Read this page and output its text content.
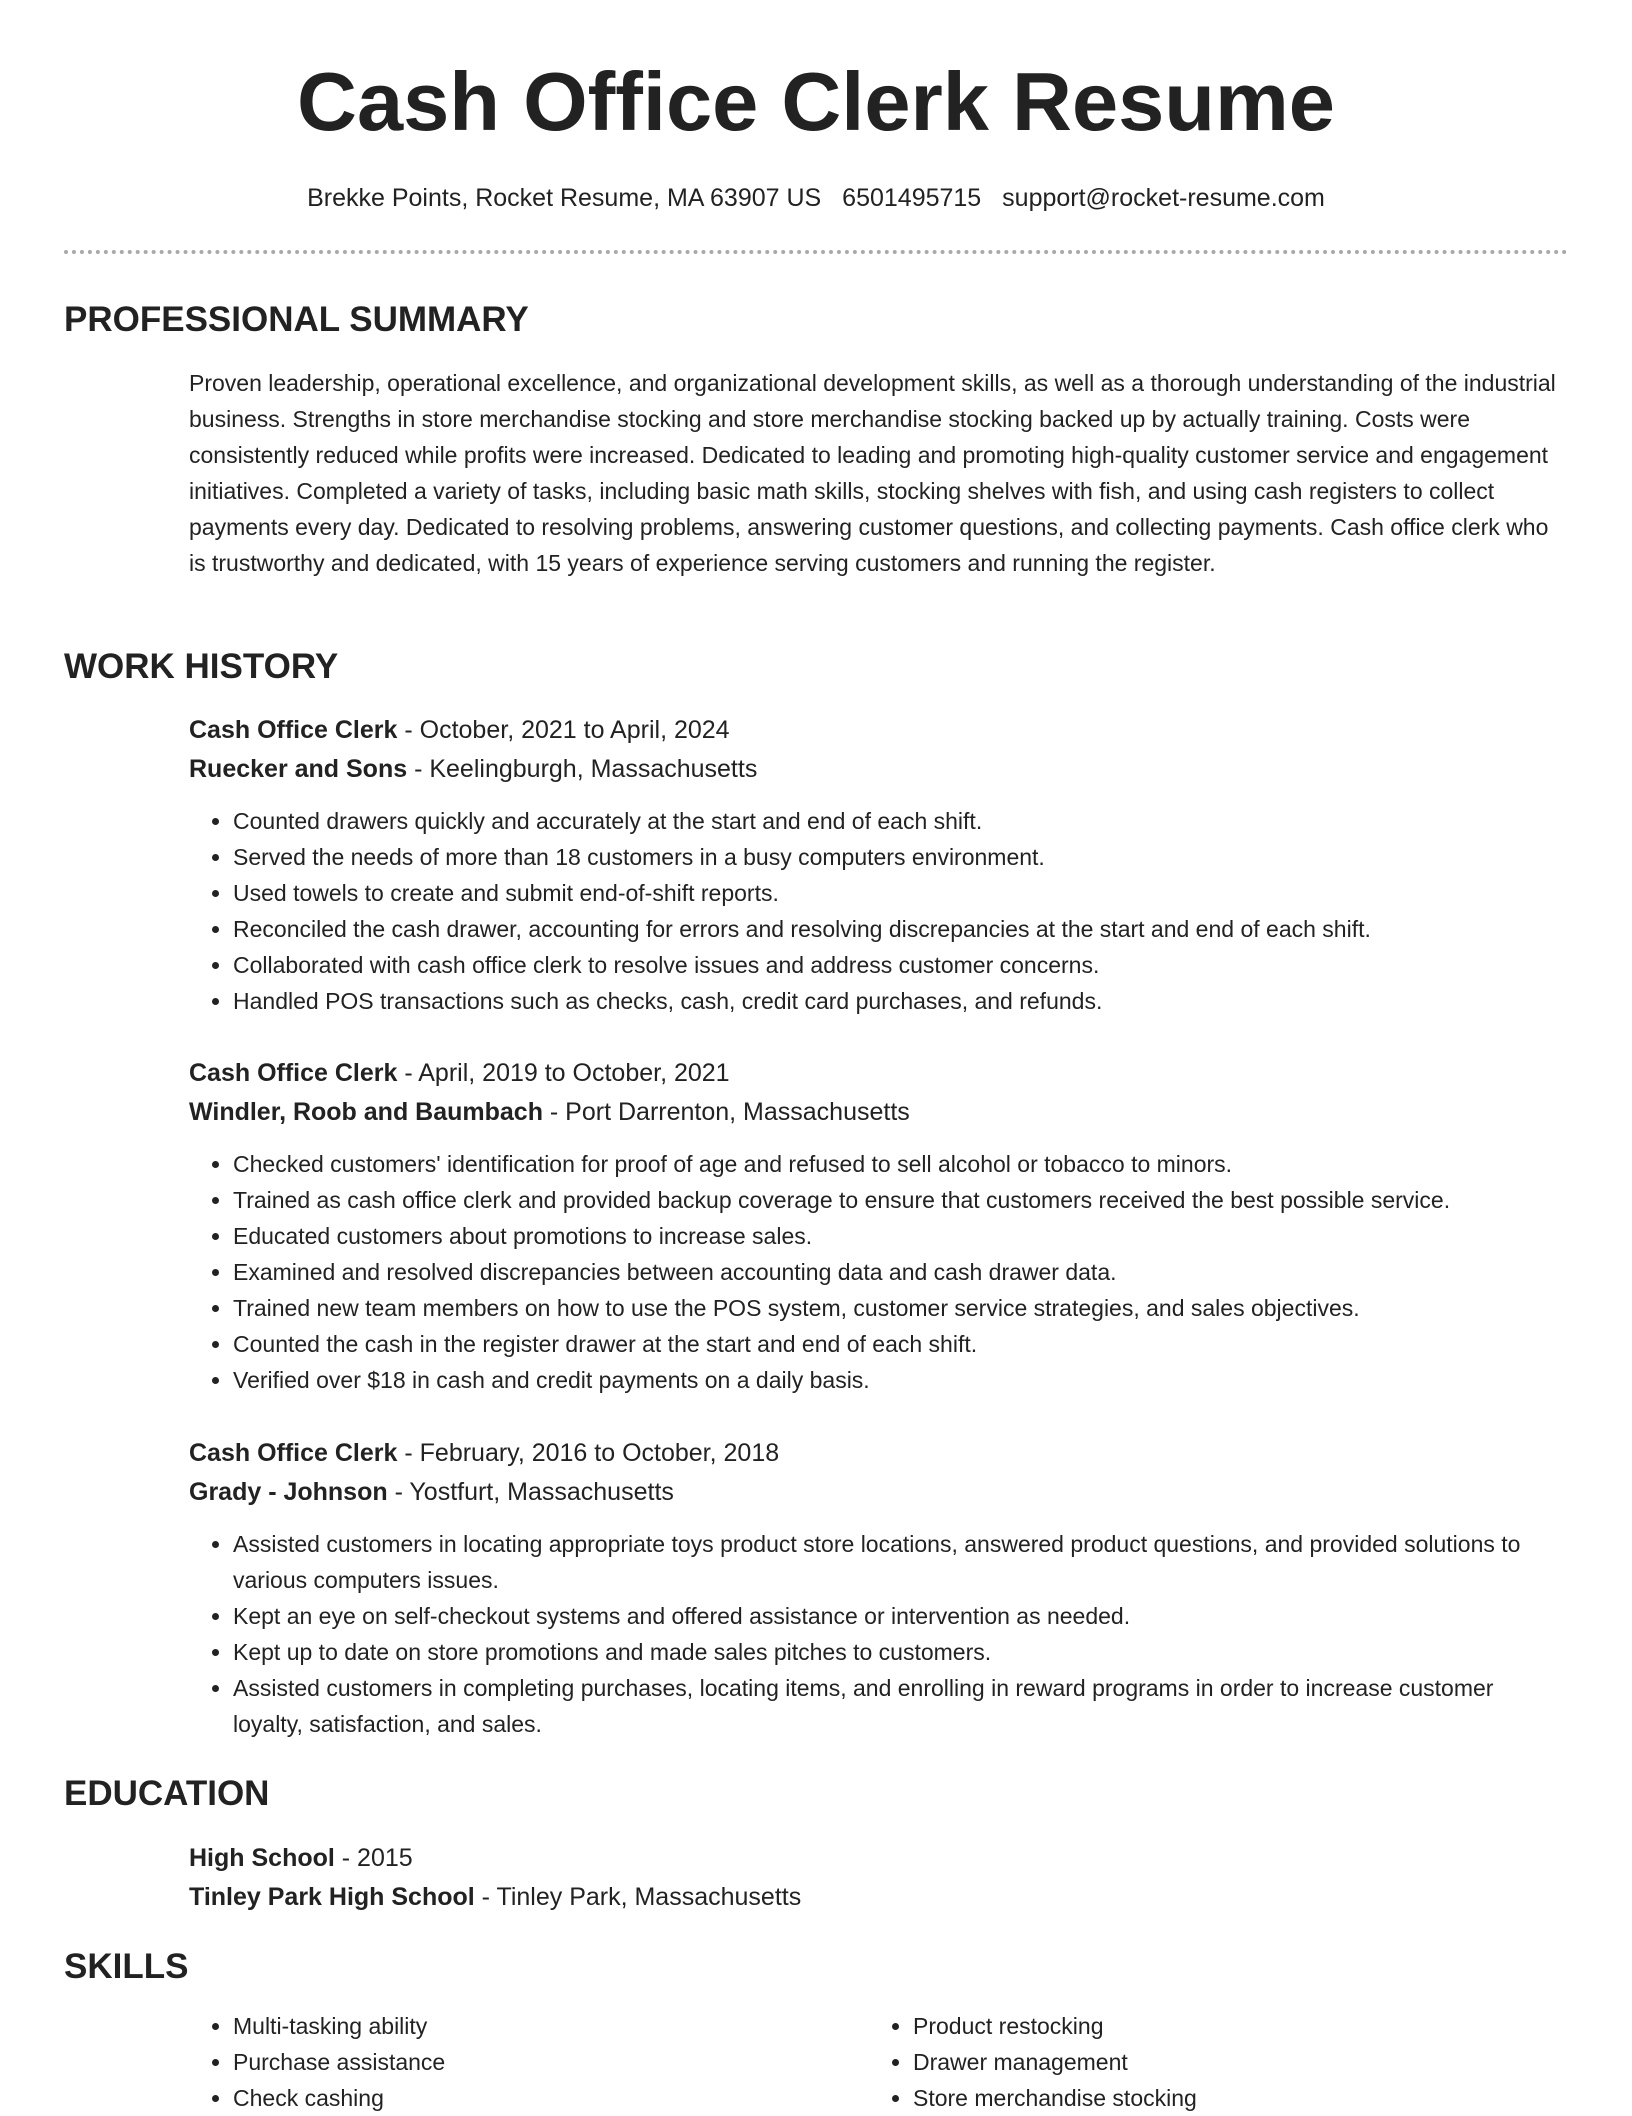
Cash Office Clerk Resume
Brekke Points, Rocket Resume, MA 63907 US 6501495715 support@rocket-resume.com
PROFESSIONAL SUMMARY

Proven leadership, operational excellence, and organizational development skills, as well as a thorough understanding of the industrial business. Strengths in store merchandise stocking and store merchandise stocking backed up by actually training. Costs were consistently reduced while profits were increased. Dedicated to leading and promoting high-quality customer service and engagement initiatives. Completed a variety of tasks, including basic math skills, stocking shelves with fish, and using cash registers to collect payments every day. Dedicated to resolving problems, answering customer questions, and collecting payments. Cash office clerk who is trustworthy and dedicated, with 15 years of experience serving customers and running the register.

WORK HISTORY

Cash Office Clerk - October, 2021 to April, 2024

Ruecker and Sons - Keelingburgh, Massachusetts

• Counted drawers quickly and accurately at the start and end of each shift.
• Served the needs of more than 18 customers in a busy computers environment.
• Used towels to create and submit end-of-shift reports.
• Reconciled the cash drawer, accounting for errors and resolving discrepancies at the start and end of each shift.
• Collaborated with cash office clerk to resolve issues and address customer concerns.
• Handled POS transactions such as checks, cash, credit card purchases, and refunds.

Cash Office Clerk - April, 2019 to October, 2021

Windler, Roob and Baumbach - Port Darrenton, Massachusetts

• Checked customers' identification for proof of age and refused to sell alcohol or tobacco to minors.
• Trained as cash office clerk and provided backup coverage to ensure that customers received the best possible service.
• Educated customers about promotions to increase sales.
• Examined and resolved discrepancies between accounting data and cash drawer data.
• Trained new team members on how to use the POS system, customer service strategies, and sales objectives.
• Counted the cash in the register drawer at the start and end of each shift.
• Verified over $18 in cash and credit payments on a daily basis.

Cash Office Clerk - February, 2016 to October, 2018

Grady - Johnson - Yostfurt, Massachusetts

• Assisted customers in locating appropriate toys product store locations, answered product questions, and provided solutions to various computers issues.
• Kept an eye on self-checkout systems and offered assistance or intervention as needed.
• Kept up to date on store promotions and made sales pitches to customers.
• Assisted customers in completing purchases, locating items, and enrolling in reward programs in order to increase customer loyalty, satisfaction, and sales.
EDUCATION

High School - 2015

Tinley Park High School - Tinley Park, Massachusetts

SKILLS
• Multi-tasking ability
• Purchase assistance
• Check cashing
• Product restocking
• Drawer management
• Store merchandise stocking
